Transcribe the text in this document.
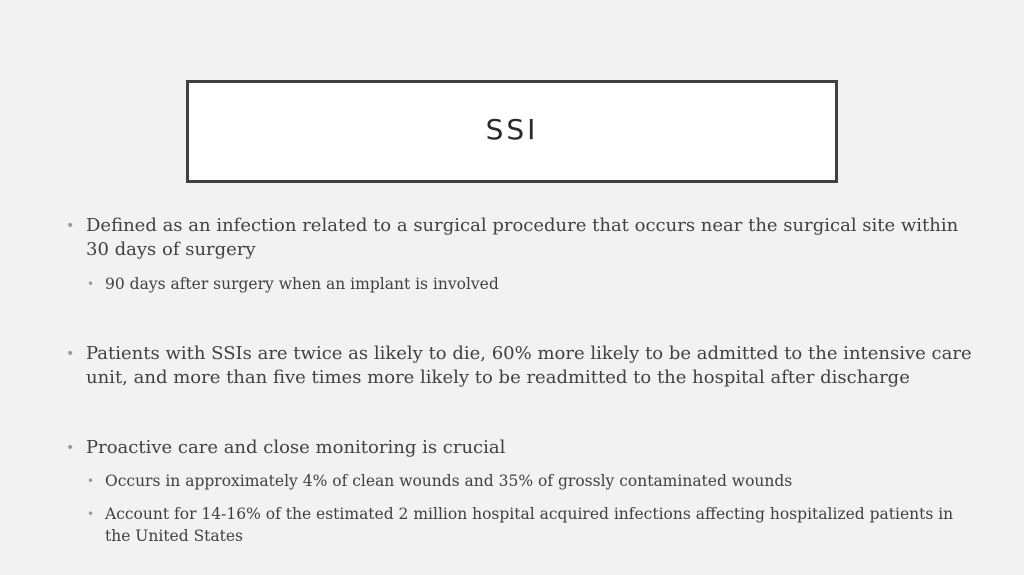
SSI
• Defined as an infection related to a surgical procedure that occurs near the surgical site within 30 days of surgery
• 90 days after surgery when an implant is involved
• Patients with SSIs are twice as likely to die, 60% more likely to be admitted to the intensive care unit, and more than five times more likely to be readmitted to the hospital after discharge
• Proactive care and close monitoring is crucial
• Occurs in approximately 4% of clean wounds and 35% of grossly contaminated wounds
• Account for 14-16% of the estimated 2 million hospital acquired infections affecting hospitalized patients in the United States
